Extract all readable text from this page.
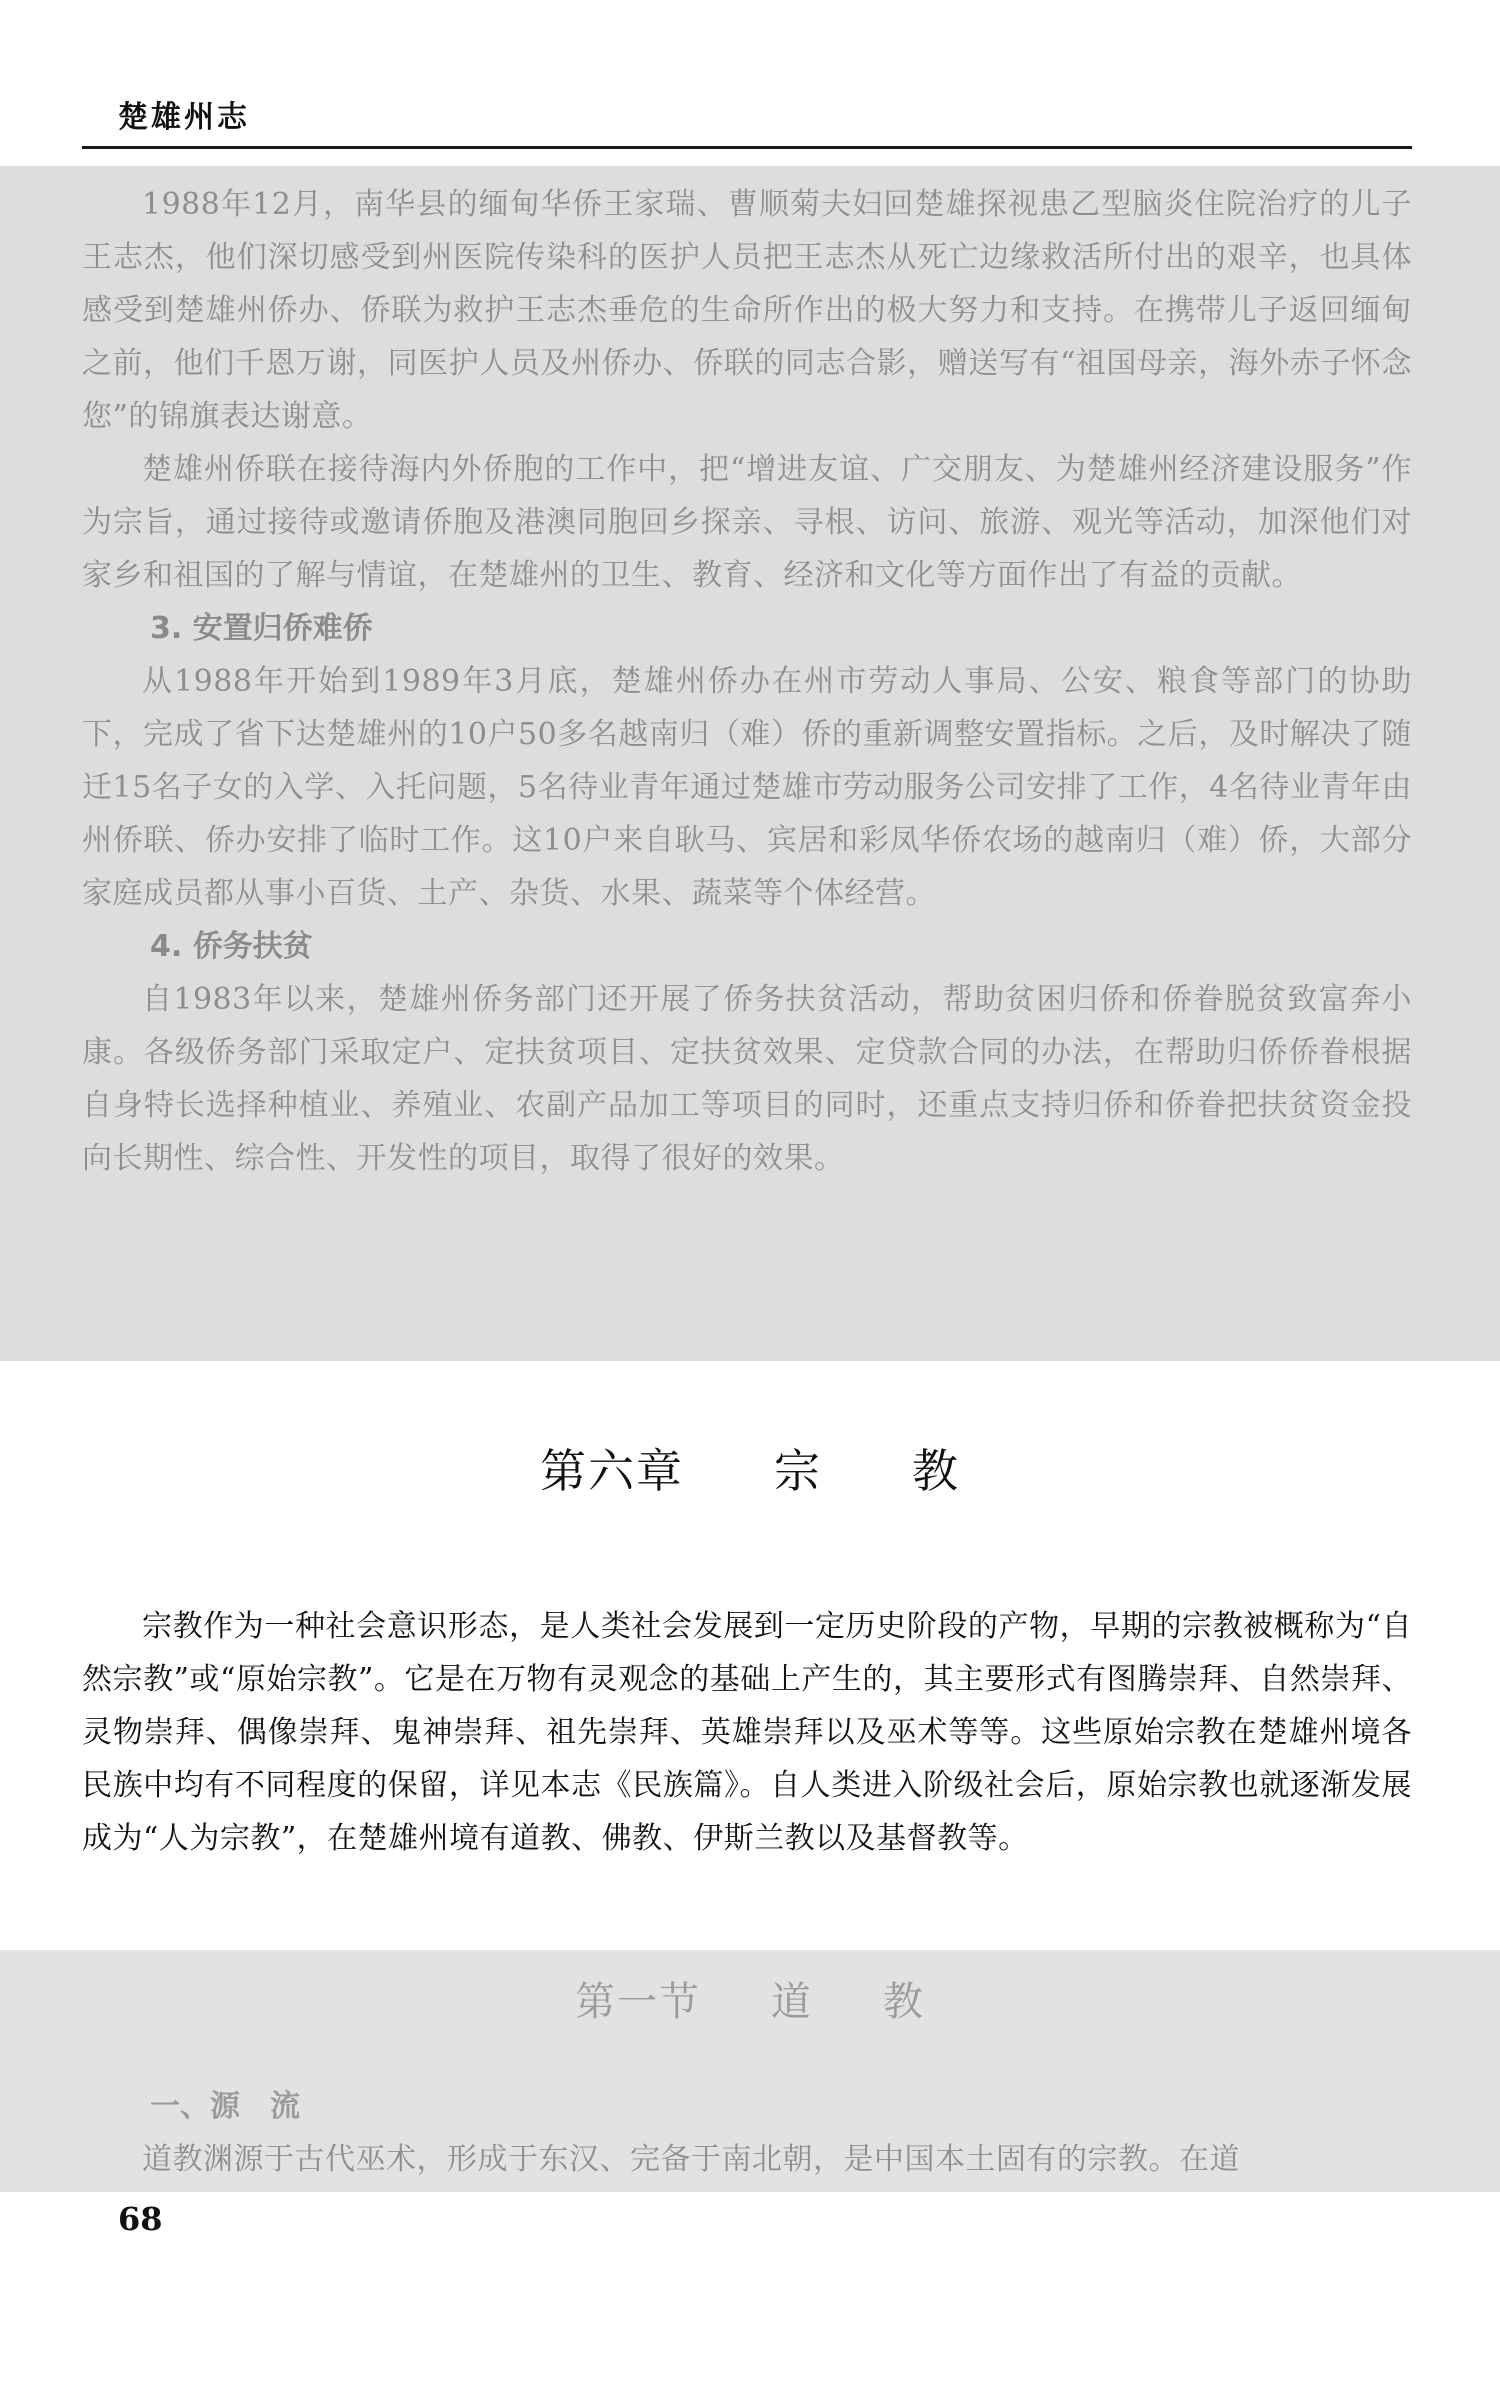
楚雄州志

1988年12月，南华县的缅甸华侨王家瑞、曹顺菊夫妇回楚雄探视患乙型脑炎住院治疗的儿子王志杰，他们深切感受到州医院传染科的医护人员把王志杰从死亡边缘救活所付出的艰辛，也具体感受到楚雄州侨办、侨联为救护王志杰垂危的生命所作出的极大努力和支持。在携带儿子返回缅甸之前，他们千恩万谢，同医护人员及州侨办、侨联的同志合影，赠送写有“祖国母亲，海外赤子怀念您”的锦旗表达谢意。

楚雄州侨联在接待海内外侨胞的工作中，把“增进友谊、广交朋友、为楚雄州经济建设服务”作为宗旨，通过接待或邀请侨胞及港澳同胞回乡探亲、寻根、访问、旅游、观光等活动，加深他们对家乡和祖国的了解与情谊，在楚雄州的卫生、教育、经济和文化等方面作出了有益的贡献。

3. 安置归侨难侨

从1988年开始到1989年3月底，楚雄州侨办在州市劳动人事局、公安、粮食等部门的协助下，完成了省下达楚雄州的10户50多名越南归（难）侨的重新调整安置指标。之后，及时解决了随迁15名子女的入学、入托问题，5名待业青年通过楚雄市劳动服务公司安排了工作，4名待业青年由州侨联、侨办安排了临时工作。这10户来自耿马、宾居和彩凤华侨农场的越南归（难）侨，大部分家庭成员都从事小百货、土产、杂货、水果、蔬菜等个体经营。

4. 侨务扶贫

自1983年以来，楚雄州侨务部门还开展了侨务扶贫活动，帮助贫困归侨和侨眷脱贫致富奔小康。各级侨务部门采取定户、定扶贫项目、定扶贫效果、定贷款合同的办法，在帮助归侨侨眷根据自身特长选择种植业、养殖业、农副产品加工等项目的同时，还重点支持归侨和侨眷把扶贫资金投向长期性、综合性、开发性的项目，取得了很好的效果。

第六章 宗 教

宗教作为一种社会意识形态，是人类社会发展到一定历史阶段的产物，早期的宗教被概称为“自然宗教”或“原始宗教”。它是在万物有灵观念的基础上产生的，其主要形式有图腾崇拜、自然崇拜、灵物崇拜、偶像崇拜、鬼神崇拜、祖先崇拜、英雄崇拜以及巫术等等。这些原始宗教在楚雄州境各民族中均有不同程度的保留，详见本志《民族篇》。自人类进入阶级社会后，原始宗教也就逐渐发展成为“人为宗教”，在楚雄州境有道教、佛教、伊斯兰教以及基督教等。

第一节 道 教

一、源　流

道教渊源于古代巫术，形成于东汉、完备于南北朝，是中国本土固有的宗教。在道

68
